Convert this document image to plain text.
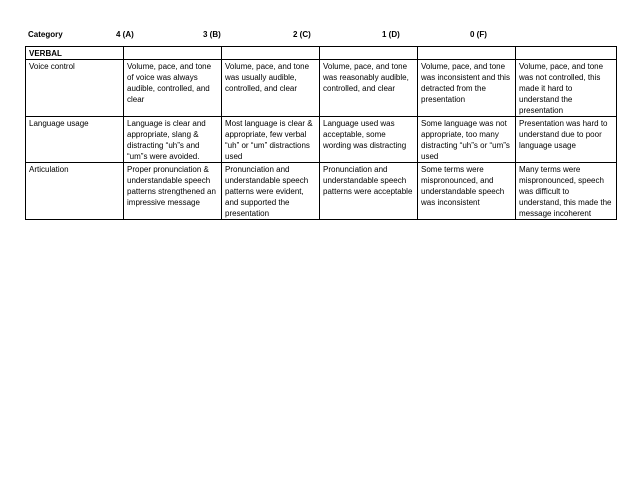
Category	4 (A)	3 (B)	2 (C)	1 (D)	0 (F)
VERBAL					
Voice control	Volume, pace, and tone of voice was always audible, controlled, and clear	Volume, pace, and tone was usually audible, controlled, and clear	Volume, pace, and tone was reasonably audible, controlled, and clear	Volume, pace, and tone was inconsistent and this detracted from the presentation	Volume, pace, and tone was not controlled, this made it hard to understand the presentation
Language usage	Language is clear and appropriate, slang & distracting “uh”s and “um”s were avoided.	Most language is clear & appropriate, few verbal “uh” or “um” distractions used	Language used was acceptable, some wording was distracting	Some language was not appropriate, too many distracting “uh”s or “um”s used	Presentation was hard to understand due to poor language usage
Articulation	Proper pronunciation & understandable speech patterns strengthened an impressive message	Pronunciation and understandable speech patterns were evident, and supported the presentation	Pronunciation and understandable speech patterns were acceptable	Some terms were mispronounced, and understandable speech was inconsistent	Many terms were mispronounced, speech was difficult to understand, this made the message incoherent
